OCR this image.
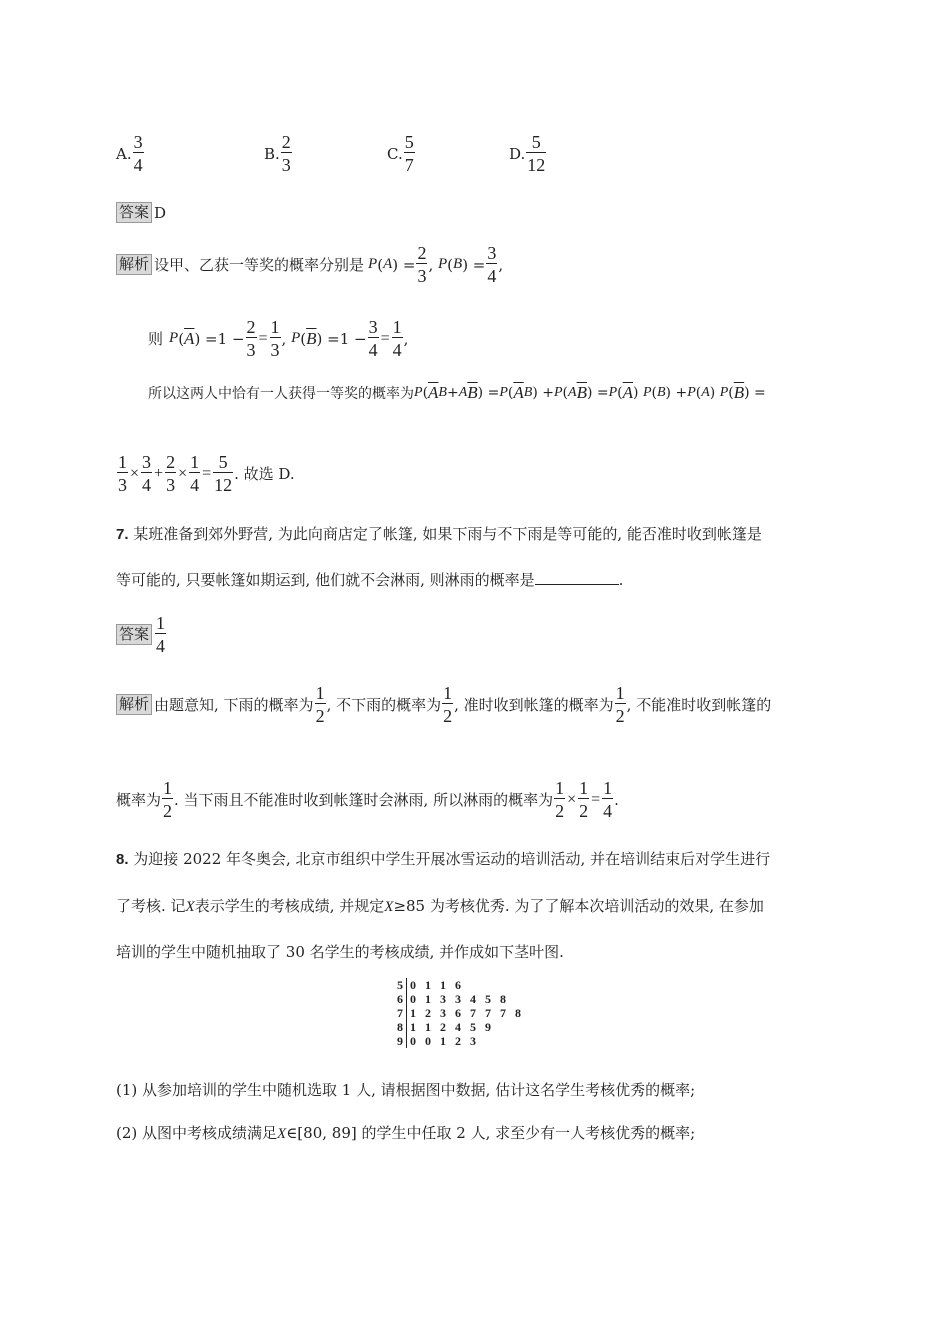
A. $\frac{3}{4}$	B. $\frac{2}{3}$	C. $\frac{5}{7}$	D. $\frac{5}{12}$
答案 D
解析 设甲、乙获一等奖的概率分别是 P ( A ) = $\frac{2}{3}$ , P ( B ) = $\frac{3}{4}$ ,
则 P ( $\overline{A}$ ) $=1 - \frac{2}{3} = \frac{1}{3}$ , P ( $\overline{B}$ ) $=1 - \frac{3}{4} = \frac{1}{4}$ ,
所以这两人中恰有一人获得一等奖的概率为 P ( $\overline{A}$ B + A $\overline{B}$ ) = P ( $\overline{A}$ B ) + P ( A $\overline{B}$ ) = P ( $\overline{A}$ ) P ( B ) + P ( A ) P ( $\overline{B}$ ) =
$\frac{1}{3} \times \frac{3}{4} + \frac{2}{3} \times \frac{1}{4} = \frac{5}{12}$ . 故选 D.
7. 某班准备到郊外野营, 为此向商店定了帐篷, 如果下雨与不下雨是等可能的, 能否准时收到帐篷是
等可能的, 只要帐篷如期运到, 他们就不会淋雨, 则淋雨的概率是	.
答案 $\frac{1}{4}$
解析 由题意知, 下雨的概率为 $\frac{1}{2}$ , 不下雨的概率为 $\frac{1}{2}$ , 准时收到帐篷的概率为 $\frac{1}{2}$ , 不能准时收到帐篷的
概率为 $\frac{1}{2}$ . 当下雨且不能准时收到帐篷时会淋雨, 所以淋雨的概率为 $\frac{1}{2} \times \frac{1}{2} = \frac{1}{4}$ .
8. 为迎接 2022 年冬奥会, 北京市组织中学生开展冰雪运动的培训活动, 并在培训结束后对学生进行
了考核. 记X表示学生的考核成绩, 并规定X≥85 为考核优秀. 为了了解本次培训活动的效果, 在参加
培训的学生中随机抽取了 30 名学生的考核成绩, 并作成如下茎叶图.
5	0 1 1 6
6	0 1 3 3 4 5 8
7	1 2 3 6 7 7 7 8
8	1 1 2 4 5 9
9	0 0 1 2 3
(1) 从参加培训的学生中随机选取 1 人, 请根据图中数据, 估计这名学生考核优秀的概率;
(2) 从图中考核成绩满足X∈[80, 89] 的学生中任取 2 人, 求至少有一人考核优秀的概率;
